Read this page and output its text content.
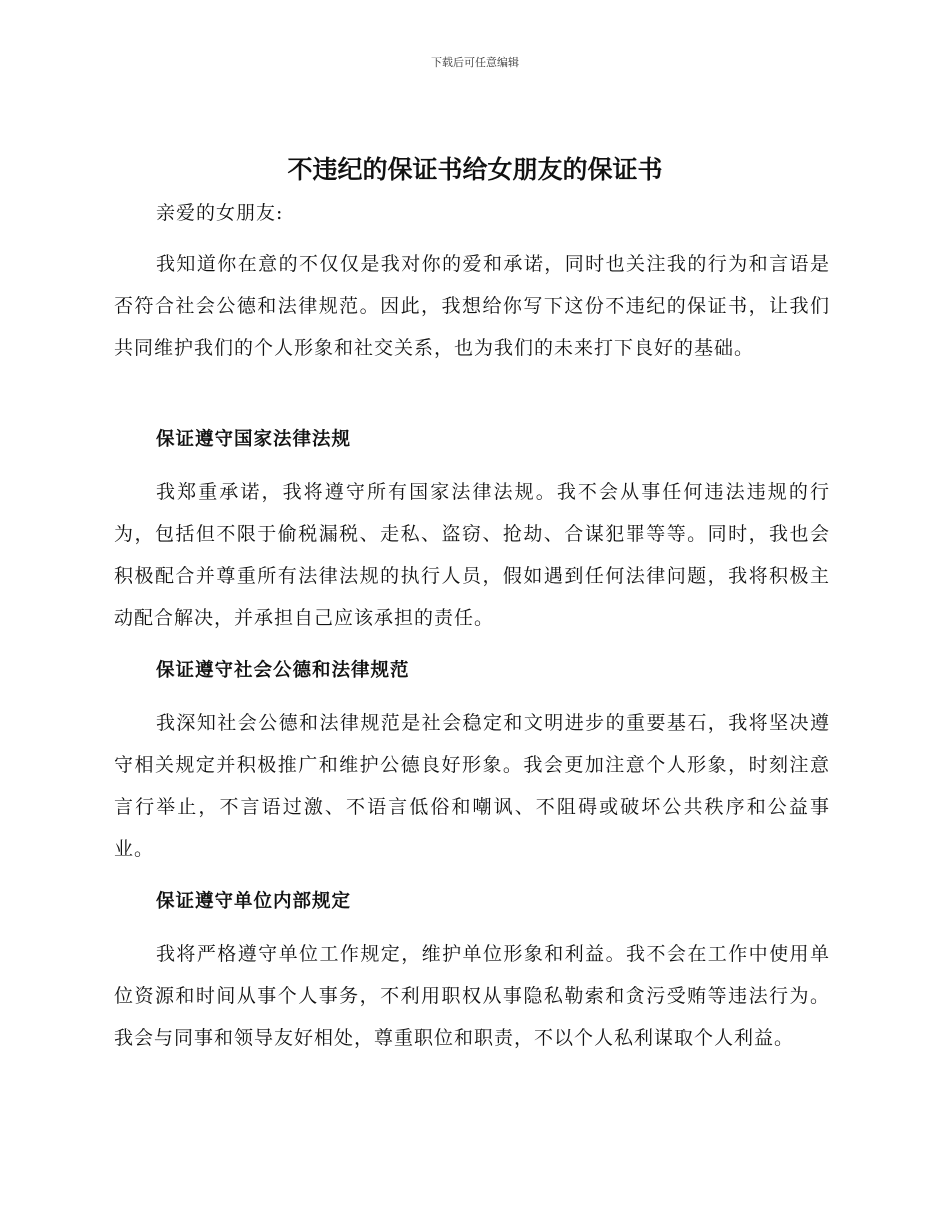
下载后可任意编辑
不违纪的保证书给女朋友的保证书

亲爱的女朋友:

我知道你在意的不仅仅是我对你的爱和承诺，同时也关注我的行为和言语是否符合社会公德和法律规范。因此，我想给你写下这份不违纪的保证书，让我们共同维护我们的个人形象和社交关系，也为我们的未来打下良好的基础。

保证遵守国家法律法规

我郑重承诺，我将遵守所有国家法律法规。我不会从事任何违法违规的行为，包括但不限于偷税漏税、走私、盗窃、抢劫、合谋犯罪等等。同时，我也会积极配合并尊重所有法律法规的执行人员，假如遇到任何法律问题，我将积极主动配合解决，并承担自己应该承担的责任。

保证遵守社会公德和法律规范

我深知社会公德和法律规范是社会稳定和文明进步的重要基石，我将坚决遵守相关规定并积极推广和维护公德良好形象。我会更加注意个人形象，时刻注意言行举止，不言语过激、不语言低俗和嘲讽、不阻碍或破坏公共秩序和公益事业。

保证遵守单位内部规定

我将严格遵守单位工作规定，维护单位形象和利益。我不会在工作中使用单位资源和时间从事个人事务，不利用职权从事隐私勒索和贪污受贿等违法行为。我会与同事和领导友好相处，尊重职位和职责，不以个人私利谋取个人利益。
